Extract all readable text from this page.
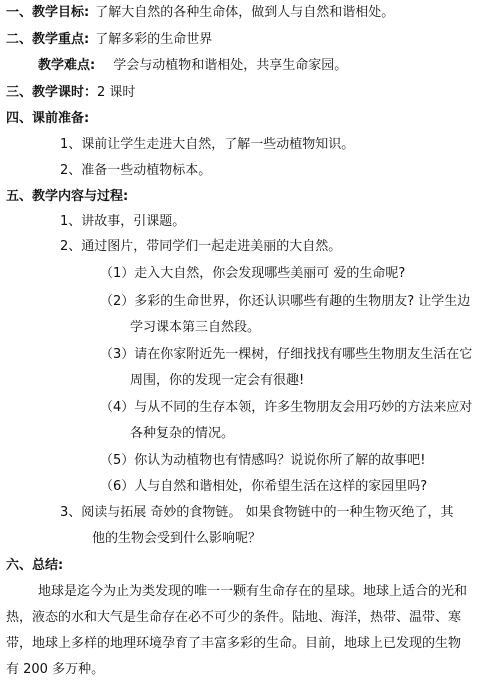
一、教学目标: 了解大自然的各种生命体，做到人与自然和谐相处。
二、教学重点: 了解多彩的生命世界
教学难点: 学会与动植物和谐相处，共享生命家园。
三、教学课时：2 课时
四、课前准备:
1、课前让学生走进大自然，了解一些动植物知识。
2、准备一些动植物标本。
五、教学内容与过程:
1、讲故事，引课题。
2、通过图片，带同学们一起走进美丽的大自然。
（1）走入大自然，你会发现哪些美丽可 爱的生命呢?
（2）多彩的生命世界，你还认识哪些有趣的生物朋友? 让学生边
学习课本第三自然段。
（3）请在你家附近先一棵树，仔细找找有哪些生物朋友生活在它
周围，你的发现一定会有很趣!
（4）与从不同的生存本领，许多生物朋友会用巧妙的方法来应对
各种复杂的情况。
（5）你认为动植物也有情感吗？说说你所了解的故事吧!
（6）人与自然和谐相处，你希望生活在这样的家园里吗?
3、阅读与拓展 奇妙的食物链。 如果食物链中的一种生物灭绝了，其
他的生物会受到什么影响呢？
六、总结:
地球是迄今为止为类发现的唯一一颗有生命存在的星球。地球上适合的光和
热，液态的水和大气是生命存在必不可少的条件。陆地、海洋，热带、温带、寒
带，地球上多样的地理环境孕育了丰富多彩的生命。目前，地球上已发现的生物
有 200 多万种。
